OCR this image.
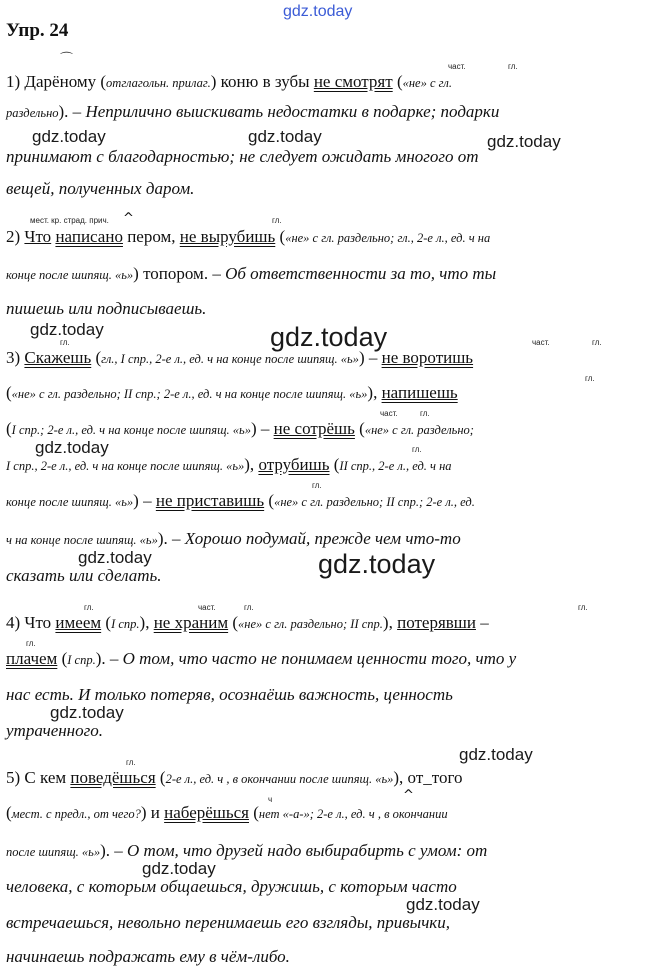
gdz.today
gdz.today	gdz.today	gdz.today
gdz.today	gdz.today
gdz.today
gdz.today	gdz.today
gdz.today
gdz.today
gdz.today
gdz.today
Упр. 24
⌒	част.	гл.
1) Дарёному (отглагольн. прилаг.) коню в зубы не смотрят («не» с гл.
раздельно). – Неприлично выискивать недостатки в подарке; подарки
принимают с благодарностью; не следует ожидать многого от
вещей, полученных даром.
мест. кр. страд. прич. ^	гл.
2) Что написано пером, не вырубишь («не» с гл. раздельно; гл., 2-е л., ед. ч на
конце после шипящ. «ь») топором. – Об ответственности за то, что ты
пишешь или подписываешь.
гл.	част.	гл.
3) Скажешь (гл., I спр., 2-е л., ед. ч на конце после шипящ. «ь») – не воротишь
гл.
(«не» с гл. раздельно; II спр.; 2-е л., ед. ч на конце после шипящ. «ь»), напишешь
част.	гл.
(I спр.; 2-е л., ед. ч на конце после шипящ. «ь») – не сотрёшь («не» с гл. раздельно;
гл.
I спр., 2-е л., ед. ч на конце после шипящ. «ь»), отрубишь (II спр., 2-е л., ед. ч на
гл.
конце после шипящ. «ь») – не приставишь («не» с гл. раздельно; II спр.; 2-е л., ед.
ч на конце после шипящ. «ь»). – Хорошо подумай, прежде чем что-то
сказать или сделать.
гл.	част.	гл.	гл.
4) Что имеем (I спр.), не храним («не» с гл. раздельно; II спр.), потерявши –
гл.
плачем (I спр.). – О том, что часто не понимаем ценности того, что у
нас есть. И только потеряв, осознаёшь важность, ценность
утраченного.
гл.
5) С кем поведёшься (2-е л., ед. ч , в окончании после шипящ. «ь»), от_того
^
ч
(мест. с предл., от чего?) и наберёшься (нет «-а-»; 2-е л., ед. ч , в окончании
после шипящ. «ь»). – О том, что друзей надо выбирабирть с умом: от
человека, с которым общаешься, дружишь, с которым часто
встречаешься, невольно перенимаешь его взгляды, привычки,
начинаешь подражать ему в чём-либо.
